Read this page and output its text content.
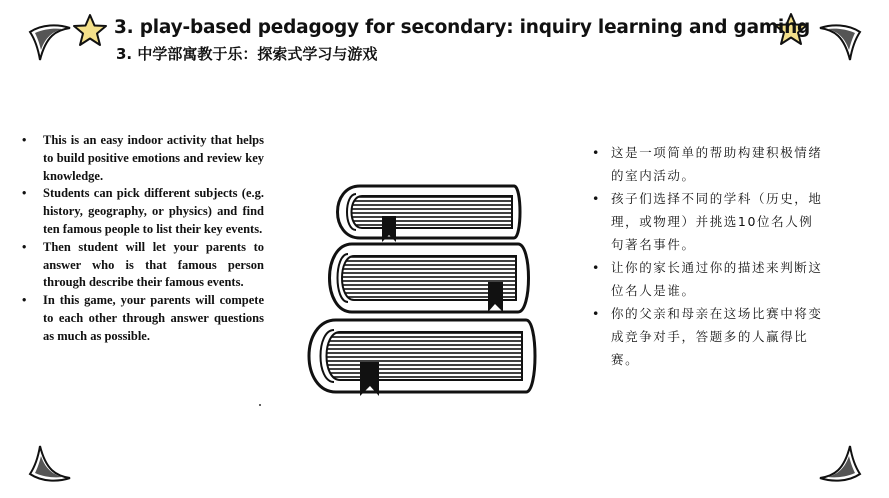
3. play-based pedagogy for secondary: inquiry learning and gaming
3. 中学部寓教于乐：探索式学习与游戏
• This is an easy indoor activity that helps to build positive emotions and review key knowledge.
• Students can pick different subjects (e.g. history, geography, or physics) and find ten famous people to list their key events.
• Then student will let your parents to answer who is that famous person through describe their famous events.
• In this game, your parents will compete to each other through answer questions as much as possible.
• 这是一项简单的帮助构建积极情绪的室内活动。
• 孩子们选择不同的学科（历史，地理，或物理）并挑选10位名人例句著名事件。
• 让你的家长通过你的描述来判断这位名人是谁。
• 你的父亲和母亲在这场比赛中将变成竞争对手，答题多的人赢得比赛。
